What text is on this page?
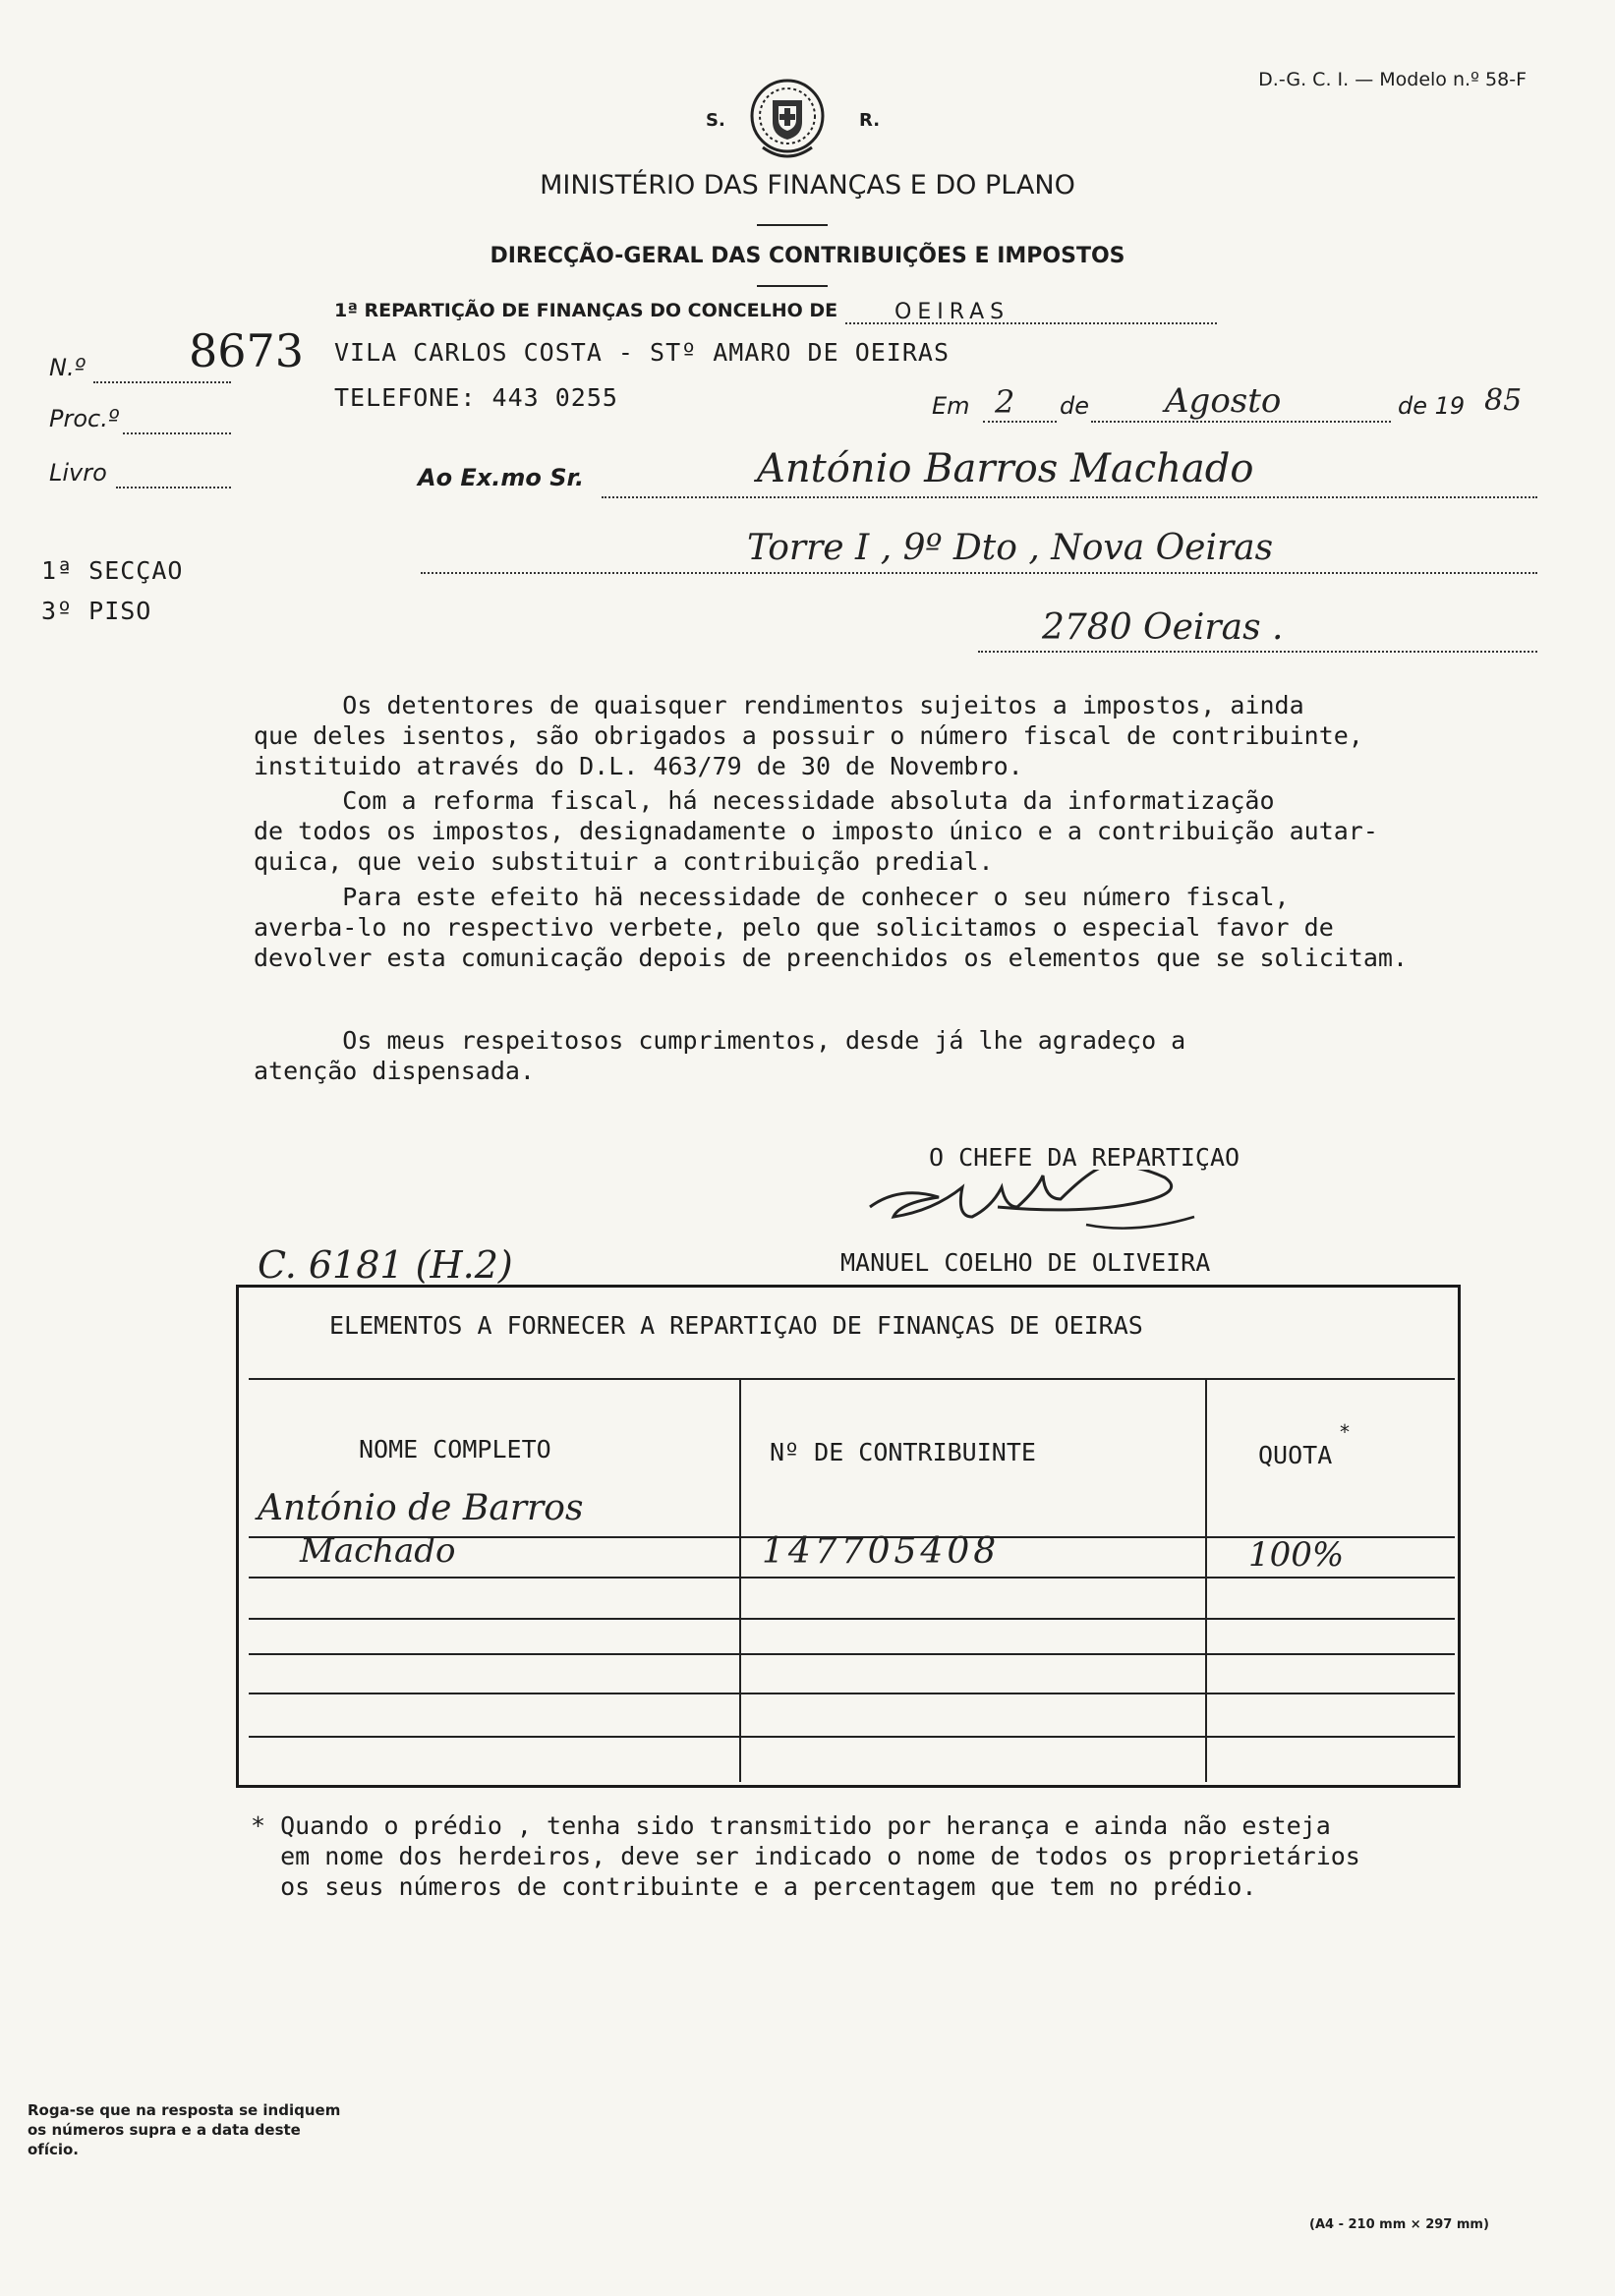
D.-G. C. I. — Modelo n.º 58-F
S.	R.
MINISTÉRIO DAS FINANÇAS E DO PLANO
DIRECÇÃO-GERAL DAS CONTRIBUIÇÕES E IMPOSTOS
1ª REPARTIÇÃO DE FINANÇAS DO CONCELHO DE	OEIRAS
VILA CARLOS COSTA - STº AMARO DE OEIRAS
TELEFONE: 443 0255
N.º 8673
Proc.º
Livro
1ª SECÇAO
3º PISO
Em 2 de Agosto	de 19 85
Ao Ex.mo Sr.	António Barros Machado
Torre I , 9º Dto , Nova Oeiras
2780 Oeiras .
Os detentores de quaisquer rendimentos sujeitos a impostos, ainda
que deles isentos, são obrigados a possuir o número fiscal de contribuinte,
instituido através do D.L. 463/79 de 30 de Novembro.
Com a reforma fiscal, há necessidade absoluta da informatização
de todos os impostos, designadamente o imposto único e a contribuição autar-
quica, que veio substituir a contribuição predial.
Para este efeito hä necessidade de conhecer o seu número fiscal,
averba-lo no respectivo verbete, pelo que solicitamos o especial favor de
devolver esta comunicação depois de preenchidos os elementos que se solicitam.
Os meus respeitosos cumprimentos, desde já lhe agradeço a
atenção dispensada.
O CHEFE DA REPARTIÇAO
MANUEL COELHO DE OLIVEIRA
C. 6181 (H.2)
ELEMENTOS A FORNECER A REPARTIÇAO DE FINANÇAS DE OEIRAS
NOME COMPLETO	Nº DE CONTRIBUINTE	QUOTA
*
António de Barros
Machado	147705408	100%
* Quando o prédio , tenha sido transmitido por herança e ainda não esteja
em nome dos herdeiros, deve ser indicado o nome de todos os proprietários
os seus números de contribuinte e a percentagem que tem no prédio.
Roga-se que na resposta se indiquem os números supra e a data deste ofício.
(A4 - 210 mm × 297 mm)
